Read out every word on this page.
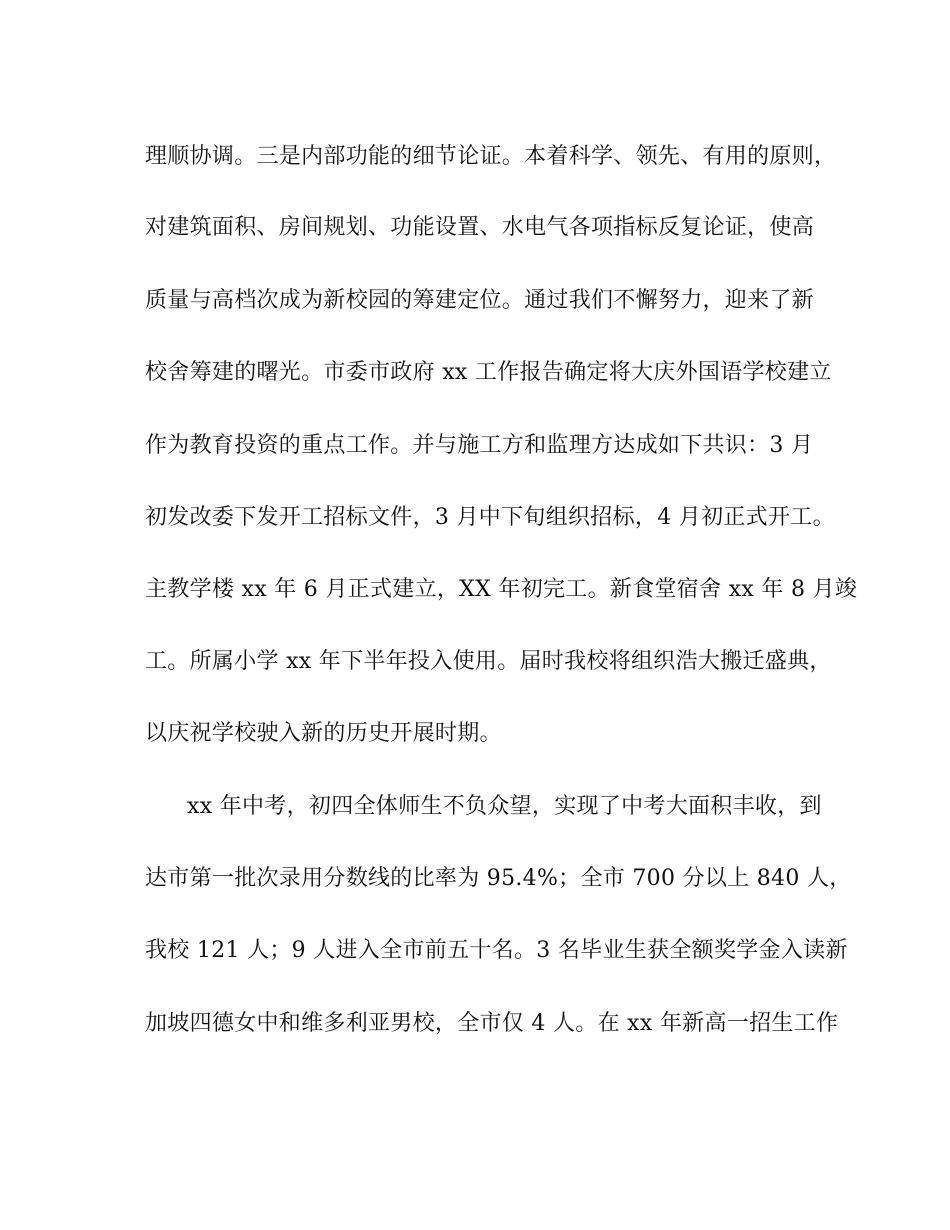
理顺协调。三是内部功能的细节论证。本着科学、领先、有用的原则，
对建筑面积、房间规划、功能设置、水电气各项指标反复论证，使高
质量与高档次成为新校园的筹建定位。通过我们不懈努力，迎来了新
校舍筹建的曙光。市委市政府 xx 工作报告确定将大庆外国语学校建立
作为教育投资的重点工作。并与施工方和监理方达成如下共识：3 月
初发改委下发开工招标文件，3 月中下旬组织招标，4 月初正式开工。
主教学楼 xx 年 6 月正式建立，XX 年初完工。新食堂宿舍 xx 年 8 月竣
工。所属小学 xx 年下半年投入使用。届时我校将组织浩大搬迁盛典，
以庆祝学校驶入新的历史开展时期。
xx 年中考，初四全体师生不负众望，实现了中考大面积丰收，到
达市第一批次录用分数线的比率为 95.4%；全市 700 分以上 840 人，
我校 121 人；9 人进入全市前五十名。3 名毕业生获全额奖学金入读新
加坡四德女中和维多利亚男校，全市仅 4 人。在 xx 年新高一招生工作
